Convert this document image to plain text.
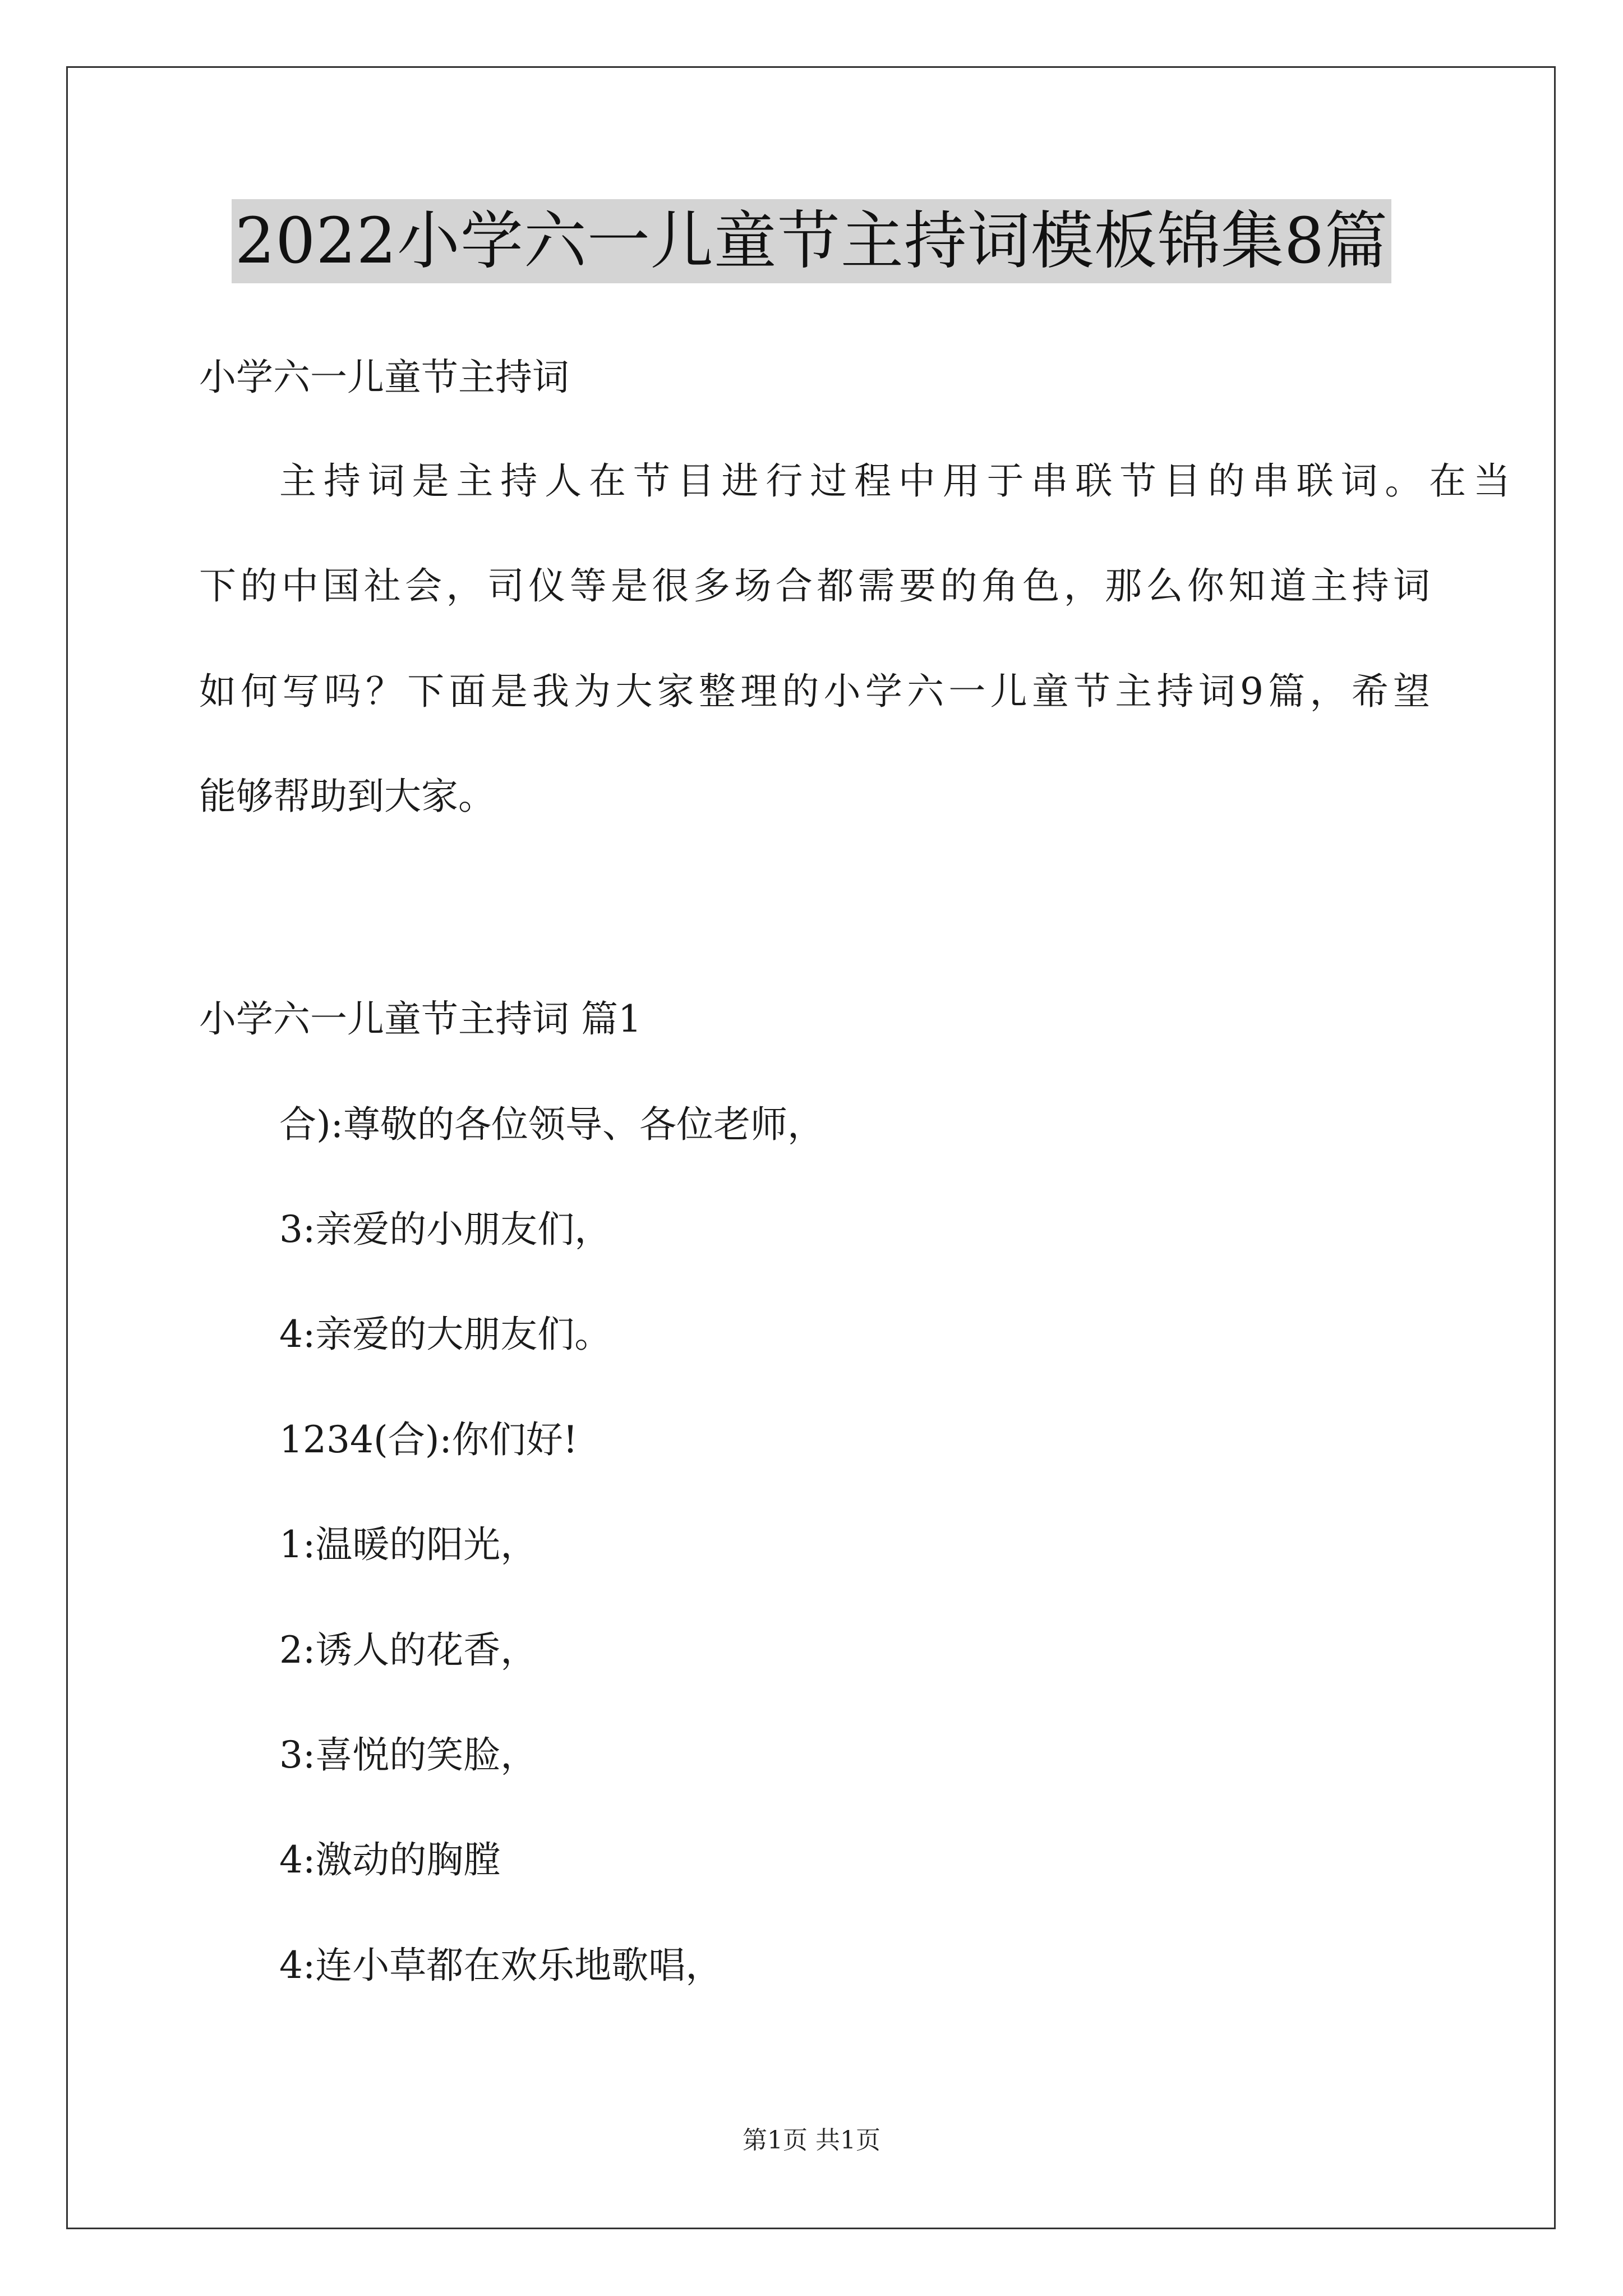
2022小学六一儿童节主持词模板锦集8篇
小学六一儿童节主持词
主持词是主持人在节目进行过程中用于串联节目的串联词。在当
下的中国社会，司仪等是很多场合都需要的角色，那么你知道主持词
如何写吗？下面是我为大家整理的小学六一儿童节主持词9篇，希望
能够帮助到大家。
小学六一儿童节主持词 篇1
合):尊敬的各位领导、各位老师，
3:亲爱的小朋友们，
4:亲爱的大朋友们。
1234(合):你们好!
1:温暖的阳光，
2:诱人的花香，
3:喜悦的笑脸，
4:激动的胸膛
4:连小草都在欢乐地歌唱，
第1页 共1页
